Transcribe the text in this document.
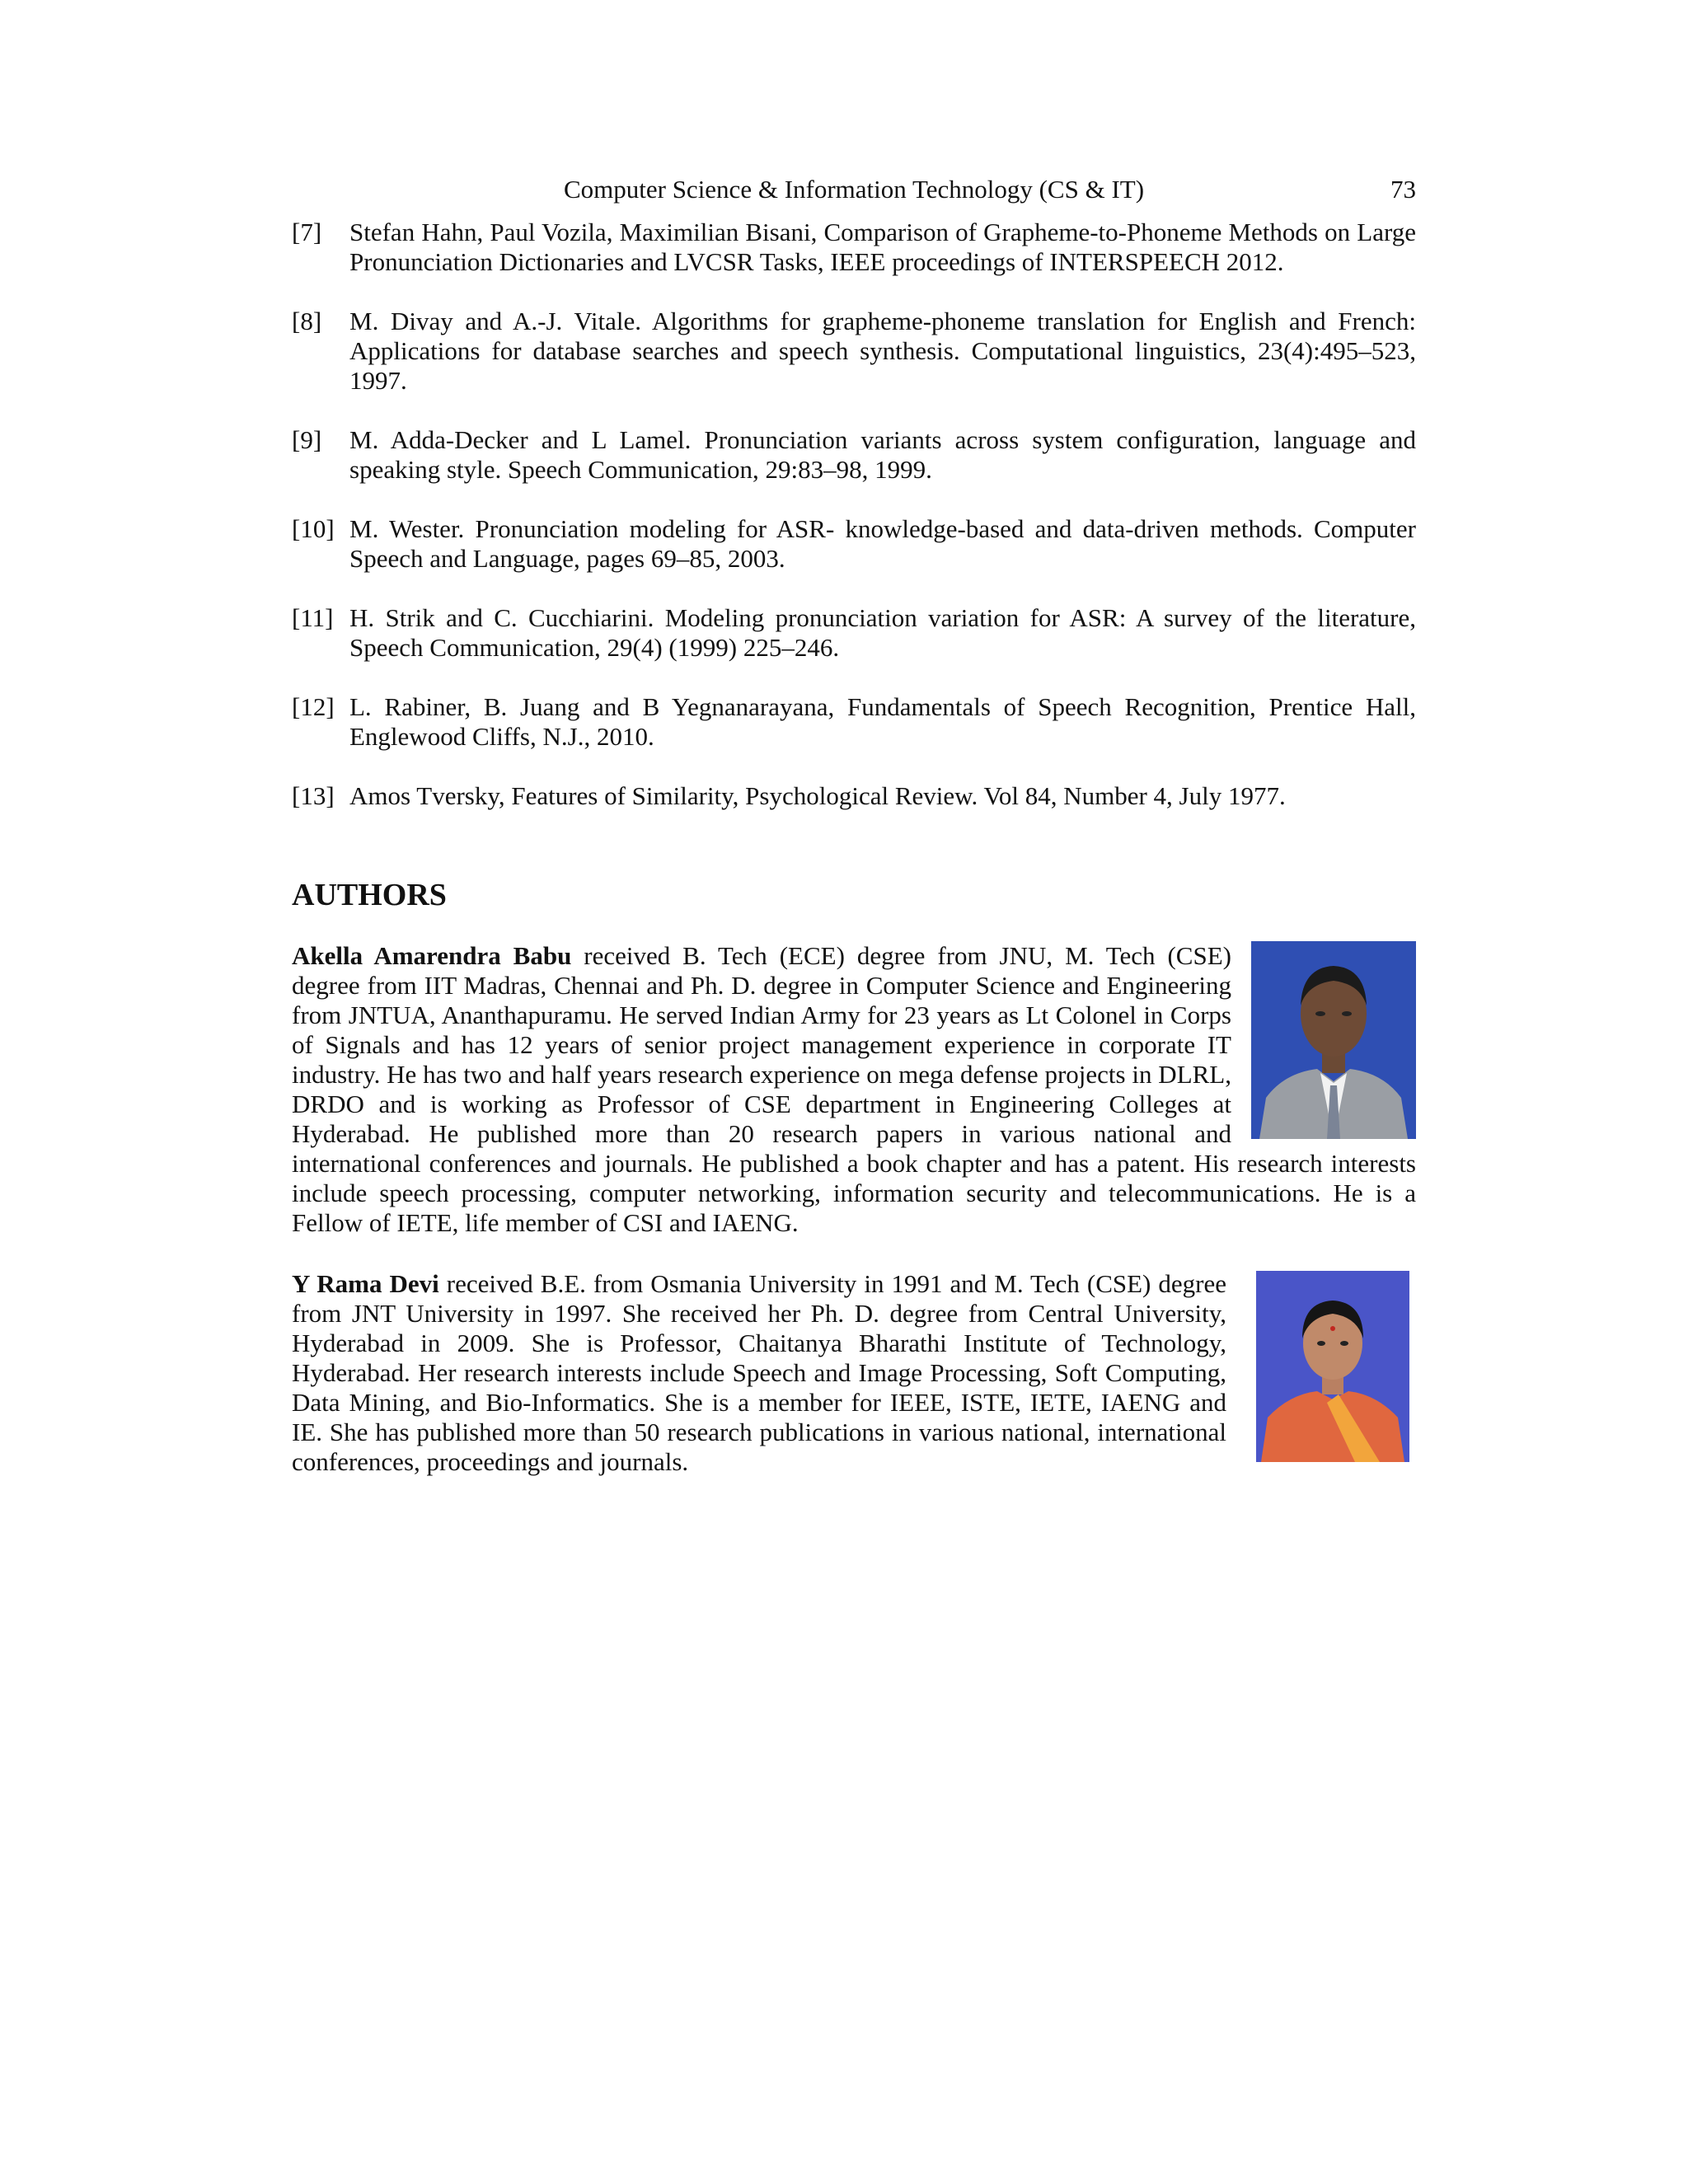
Computer Science & Information Technology (CS & IT)	73
[7] Stefan Hahn, Paul Vozila, Maximilian Bisani, Comparison of Grapheme-to-Phoneme Methods on Large Pronunciation Dictionaries and LVCSR Tasks, IEEE proceedings of INTERSPEECH 2012.
[8] M. Divay and A.-J. Vitale. Algorithms for grapheme-phoneme translation for English and French: Applications for database searches and speech synthesis. Computational linguistics, 23(4):495–523, 1997.
[9] M. Adda-Decker and L Lamel. Pronunciation variants across system configuration, language and speaking style. Speech Communication, 29:83–98, 1999.
[10] M. Wester. Pronunciation modeling for ASR- knowledge-based and data-driven methods. Computer Speech and Language, pages 69–85, 2003.
[11] H. Strik and C. Cucchiarini. Modeling pronunciation variation for ASR: A survey of the literature, Speech Communication, 29(4) (1999) 225–246.
[12] L. Rabiner, B. Juang and B Yegnanarayana, Fundamentals of Speech Recognition, Prentice Hall, Englewood Cliffs, N.J., 2010.
[13] Amos Tversky, Features of Similarity, Psychological Review. Vol 84, Number 4, July 1977.
AUTHORS

Akella Amarendra Babu received B. Tech (ECE) degree from JNU, M. Tech (CSE) degree from IIT Madras, Chennai and Ph. D. degree in Computer Science and Engineering from JNTUA, Ananthapuramu. He served Indian Army for 23 years as Lt Colonel in Corps of Signals and has 12 years of senior project management experience in corporate IT industry. He has two and half years research experience on mega defense projects in DLRL, DRDO and is working as Professor of CSE department in Engineering Colleges at Hyderabad. He published more than 20 research papers in various national and international conferences and journals. He published a book chapter and has a patent. His research interests include speech processing, computer networking, information security and telecommunications. He is a Fellow of IETE, life member of CSI and IAENG.

Y Rama Devi received B.E. from Osmania University in 1991 and M. Tech (CSE) degree from JNT University in 1997. She received her Ph. D. degree from Central University, Hyderabad in 2009. She is Professor, Chaitanya Bharathi Institute of Technology, Hyderabad. Her research interests include Speech and Image Processing, Soft Computing, Data Mining, and Bio-Informatics. She is a member for IEEE, ISTE, IETE, IAENG and IE. She has published more than 50 research publications in various national, international conferences, proceedings and journals.
